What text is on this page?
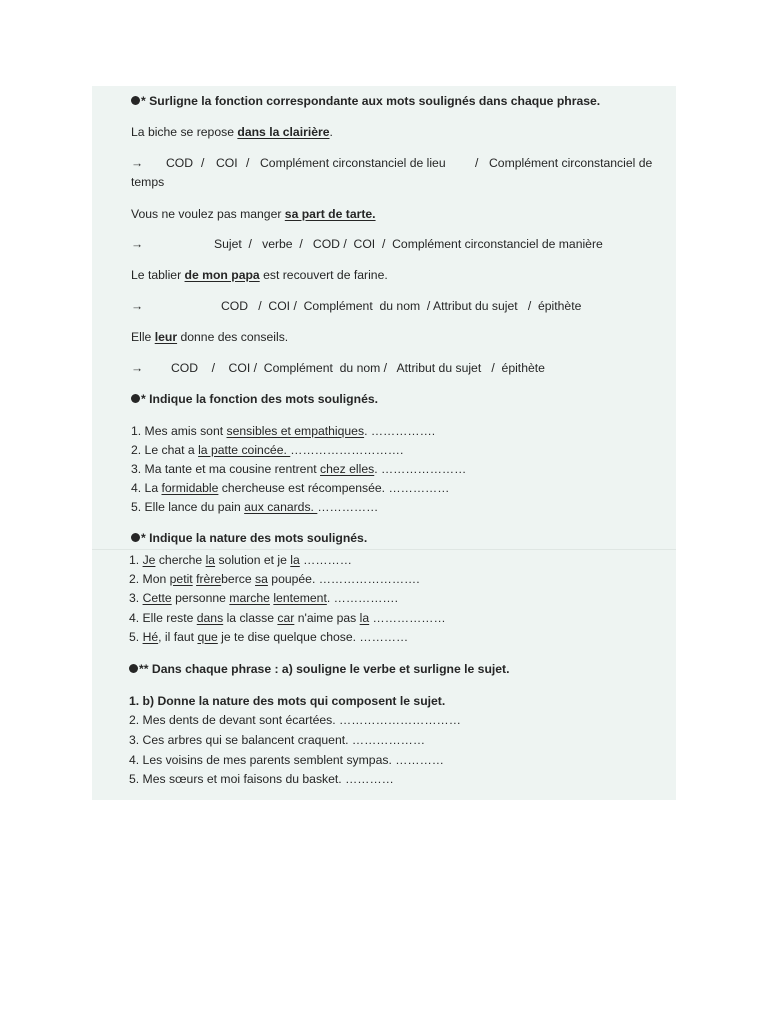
* Surligne la fonction correspondante aux mots soulignés dans chaque phrase.
La biche se repose dans la clairière.
→ COD / COI / Complément circonstanciel de lieu / Complément circonstanciel de
temps
Vous ne voulez pas manger sa part de tarte.
→	Sujet  /   verbe  /   COD /  COI  /  Complément circonstanciel de manière
Le tablier de mon papa est recouvert de farine.
→	COD   /  COI /  Complément  du nom  / Attribut du sujet   /  épithète
Elle leur donne des conseils.
→ COD    /    COI /  Complément  du nom /   Attribut du sujet   /  épithète
* Indique la fonction des mots soulignés.
1. Mes amis sont sensibles et empathiques. …………….
2. Le chat a la patte coincée. ……………………….
3. Ma tante et ma cousine rentrent chez elles. …………………
4. La formidable chercheuse est récompensée. ……………
5. Elle lance du pain aux canards. ……………
* Indique la nature des mots soulignés.
1. Je cherche la solution et je la …………
2. Mon petit frèreberce sa poupée. …………………….
3. Cette personne marche lentement. …………….
4. Elle reste dans la classe car n'aime pas la ………………
5. Hé, il faut que je te dise quelque chose. …………
** Dans chaque phrase : a) souligne le verbe et surligne le sujet.
1. b) Donne la nature des mots qui composent le sujet.
2. Mes dents de devant sont écartées. …………………………
3. Ces arbres qui se balancent craquent. ………………
4. Les voisins de mes parents semblent sympas. …………
5. Mes sœurs et moi faisons du basket. …………
